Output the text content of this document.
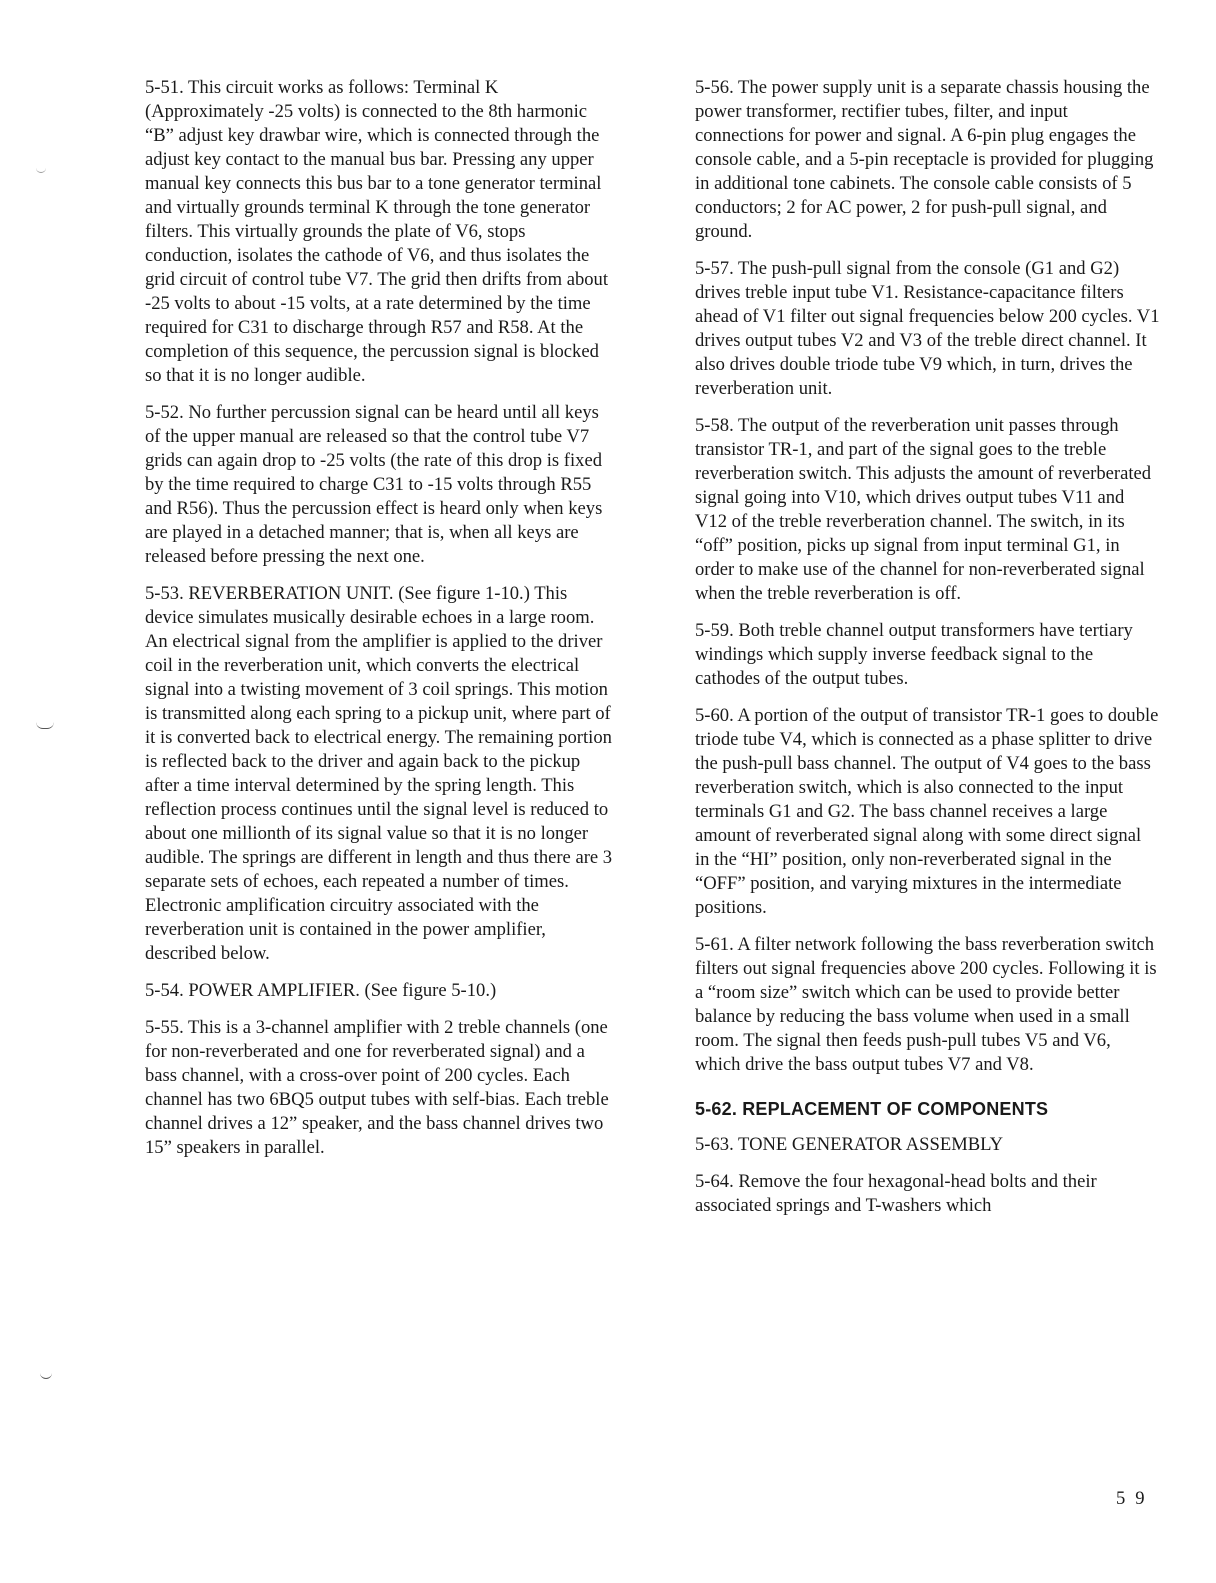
5-51. This circuit works as follows: Terminal K (Approximately -25 volts) is connected to the 8th harmonic “B” adjust key drawbar wire, which is connected through the adjust key contact to the manual bus bar. Pressing any upper manual key connects this bus bar to a tone generator terminal and virtually grounds terminal K through the tone generator filters. This virtually grounds the plate of V6, stops conduction, isolates the cathode of V6, and thus isolates the grid circuit of control tube V7. The grid then drifts from about -25 volts to about -15 volts, at a rate determined by the time required for C31 to discharge through R57 and R58. At the completion of this sequence, the percussion signal is blocked so that it is no longer audible.

5-52. No further percussion signal can be heard until all keys of the upper manual are released so that the control tube V7 grids can again drop to -25 volts (the rate of this drop is fixed by the time required to charge C31 to -15 volts through R55 and R56). Thus the percussion effect is heard only when keys are played in a detached manner; that is, when all keys are released before pressing the next one.

5-53. REVERBERATION UNIT. (See figure 1-10.) This device simulates musically desirable echoes in a large room. An electrical signal from the amplifier is applied to the driver coil in the reverberation unit, which converts the electrical signal into a twisting movement of 3 coil springs. This motion is transmitted along each spring to a pickup unit, where part of it is converted back to electrical energy. The remaining portion is reflected back to the driver and again back to the pickup after a time interval determined by the spring length. This reflection process continues until the signal level is reduced to about one millionth of its signal value so that it is no longer audible. The springs are different in length and thus there are 3 separate sets of echoes, each repeated a number of times. Electronic amplification circuitry associated with the reverberation unit is contained in the power amplifier, described below.

5-54. POWER AMPLIFIER. (See figure 5-10.)

5-55. This is a 3-channel amplifier with 2 treble channels (one for non-reverberated and one for reverberated signal) and a bass channel, with a cross-over point of 200 cycles. Each channel has two 6BQ5 output tubes with self-bias. Each treble channel drives a 12” speaker, and the bass channel drives two 15” speakers in parallel.

5-56. The power supply unit is a separate chassis housing the power transformer, rectifier tubes, filter, and input connections for power and signal. A 6-pin plug engages the console cable, and a 5-pin receptacle is provided for plugging in additional tone cabinets. The console cable consists of 5 conductors; 2 for AC power, 2 for push-pull signal, and ground.

5-57. The push-pull signal from the console (G1 and G2) drives treble input tube V1. Resistance-capacitance filters ahead of V1 filter out signal frequencies below 200 cycles. V1 drives output tubes V2 and V3 of the treble direct channel. It also drives double triode tube V9 which, in turn, drives the reverberation unit.

5-58. The output of the reverberation unit passes through transistor TR-1, and part of the signal goes to the treble reverberation switch. This adjusts the amount of reverberated signal going into V10, which drives output tubes V11 and V12 of the treble reverberation channel. The switch, in its “off” position, picks up signal from input terminal G1, in order to make use of the channel for non-reverberated signal when the treble reverberation is off.

5-59. Both treble channel output transformers have tertiary windings which supply inverse feedback signal to the cathodes of the output tubes.

5-60. A portion of the output of transistor TR-1 goes to double triode tube V4, which is connected as a phase splitter to drive the push-pull bass channel. The output of V4 goes to the bass reverberation switch, which is also connected to the input terminals G1 and G2. The bass channel receives a large amount of reverberated signal along with some direct signal in the “HI” position, only non-reverberated signal in the “OFF” position, and varying mixtures in the intermediate positions.

5-61. A filter network following the bass reverberation switch filters out signal frequencies above 200 cycles. Following it is a “room size” switch which can be used to provide better balance by reducing the bass volume when used in a small room. The signal then feeds push-pull tubes V5 and V6, which drive the bass output tubes V7 and V8.

5-62. REPLACEMENT OF COMPONENTS

5-63. TONE GENERATOR ASSEMBLY

5-64. Remove the four hexagonal-head bolts and their associated springs and T-washers which

59
